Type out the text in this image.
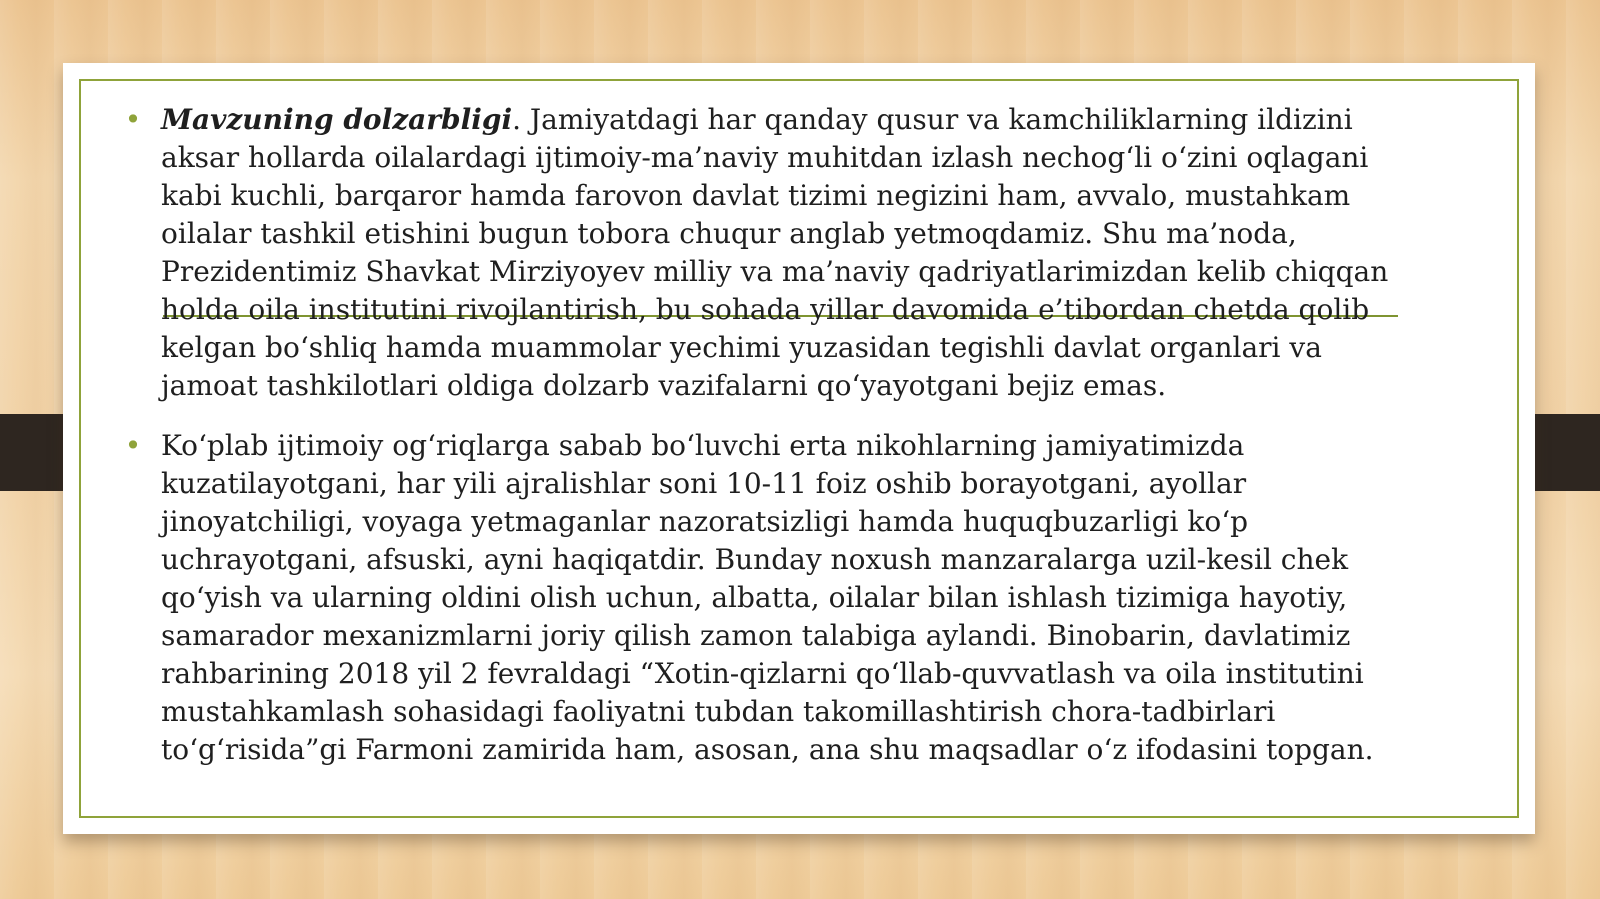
• Mavzuning dolzarbligi. Jamiyatdagi har qanday qusur va kamchiliklarning ildizini aksar hollarda oilalardagi ijtimoiy-ma’naviy muhitdan izlash nechog‘li o‘zini oqlagani kabi kuchli, barqaror hamda farovon davlat tizimi negizini ham, avvalo, mustahkam oilalar tashkil etishini bugun tobora chuqur anglab yetmoqdamiz. Shu ma’noda, Prezidentimiz Shavkat Mirziyoyev milliy va ma’naviy qadriyatlarimizdan kelib chiqqan holda oila institutini rivojlantirish, bu sohada yillar davomida e’tibordan chetda qolib kelgan bo‘shliq hamda muammolar yechimi yuzasidan tegishli davlat organlari va jamoat tashkilotlari oldiga dolzarb vazifalarni qo‘yayotgani bejiz emas.

• Ko‘plab ijtimoiy og‘riqlarga sabab bo‘luvchi erta nikohlarning jamiyatimizda kuzatilayotgani, har yili ajralishlar soni 10-11 foiz oshib borayotgani, ayollar jinoyatchiligi, voyaga yetmaganlar nazoratsizligi hamda huquqbuzarligi ko‘p uchrayotgani, afsuski, ayni haqiqatdir. Bunday noxush manzaralarga uzil-kesil chek qo‘yish va ularning oldini olish uchun, albatta, oilalar bilan ishlash tizimiga hayotiy, samarador mexanizmlarni joriy qilish zamon talabiga aylandi. Binobarin, davlatimiz rahbarining 2018 yil 2 fevraldagi “Xotin-qizlarni qo‘llab-quvvatlash va oila institutini mustahkamlash sohasidagi faoliyatni tubdan takomillashtirish chora-tadbirlari to‘g‘risida”gi Farmoni zamirida ham, asosan, ana shu maqsadlar o‘z ifodasini topgan.
